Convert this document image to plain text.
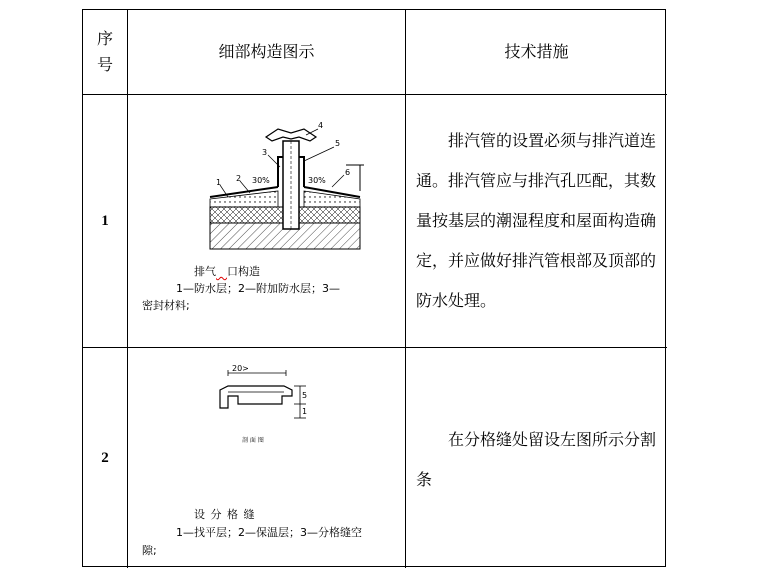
序
号
细部构造图示	技术措施
1
1 2
3
4
5
6
30%	30%
排气  口构造
1—防水层；2—附加防水层；3—
密封材料;

排汽管的设置必须与排汽道连通。排汽管应与排汽孔匹配，其数量按基层的潮湿程度和屋面构造确定，并应做好排汽管根部及顶部的防水处理。

2
20>
5
1
剖 面 图
设 分 格 缝
1—找平层；2—保温层；3—分格缝空
隙;

在分格缝处留设左图所示分割条
